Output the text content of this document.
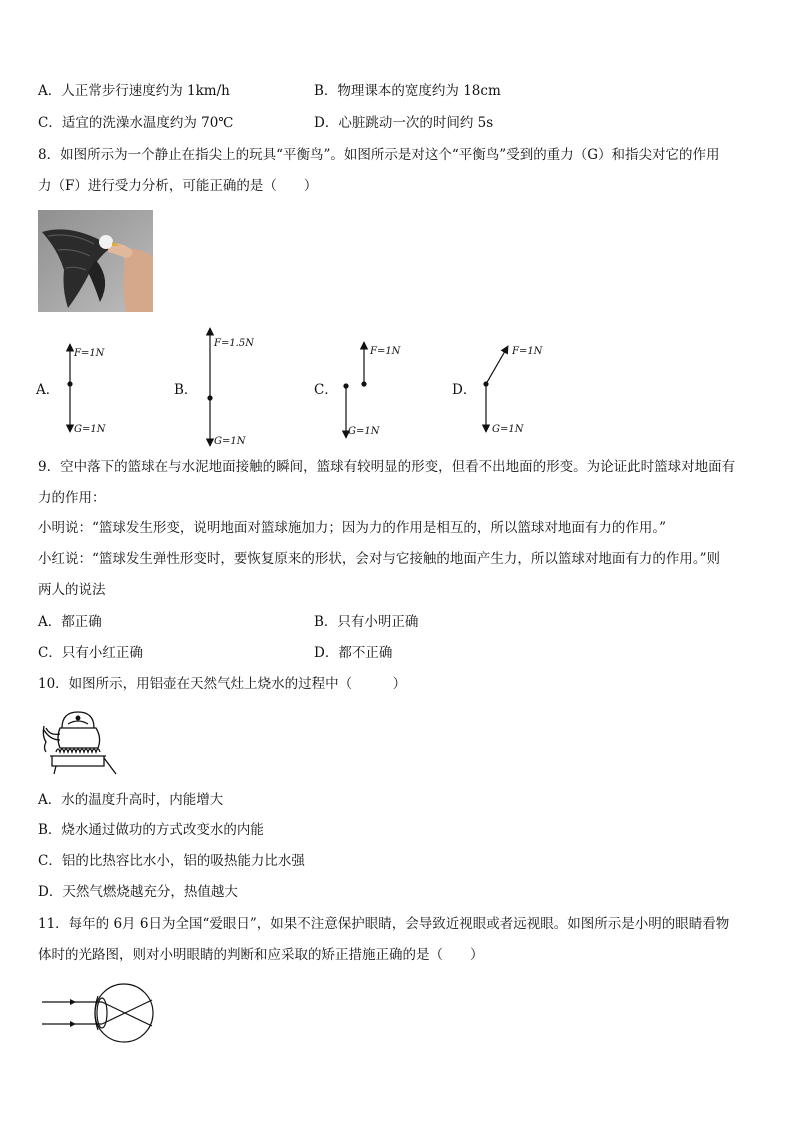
A．人正常步行速度约为 1km/h	B．物理课本的宽度约为 18cm
C．适宜的洗澡水温度约为 70℃	D．心脏跳动一次的时间约 5s
8．如图所示为一个静止在指尖上的玩具“平衡鸟”。如图所示是对这个“平衡鸟”受到的重力（G）和指尖对它的作用
力（F）进行受力分析，可能正确的是（　　）
A．
F=1N
G=1N
B．
F=1.5N
G=1N
C．
F=1N
G=1N
D．
F=1N
G=1N
9．空中落下的篮球在与水泥地面接触的瞬间，篮球有较明显的形变，但看不出地面的形变。为论证此时篮球对地面有
力的作用：
小明说：“篮球发生形变，说明地面对篮球施加力；因为力的作用是相互的，所以篮球对地面有力的作用。”
小红说：“篮球发生弹性形变时，要恢复原来的形状，会对与它接触的地面产生力，所以篮球对地面有力的作用。”则
两人的说法
A．都正确	B．只有小明正确
C．只有小红正确	D．都不正确
10．如图所示，用铝壶在天然气灶上烧水的过程中（　　　）
A．水的温度升高时，内能增大
B．烧水通过做功的方式改变水的内能
C．铝的比热容比水小，铝的吸热能力比水强
D．天然气燃烧越充分，热值越大
11．每年的 6月 6日为全国“爱眼日”，如果不注意保护眼睛，会导致近视眼或者远视眼。如图所示是小明的眼睛看物
体时的光路图，则对小明眼睛的判断和应采取的矫正措施正确的是（　　）
